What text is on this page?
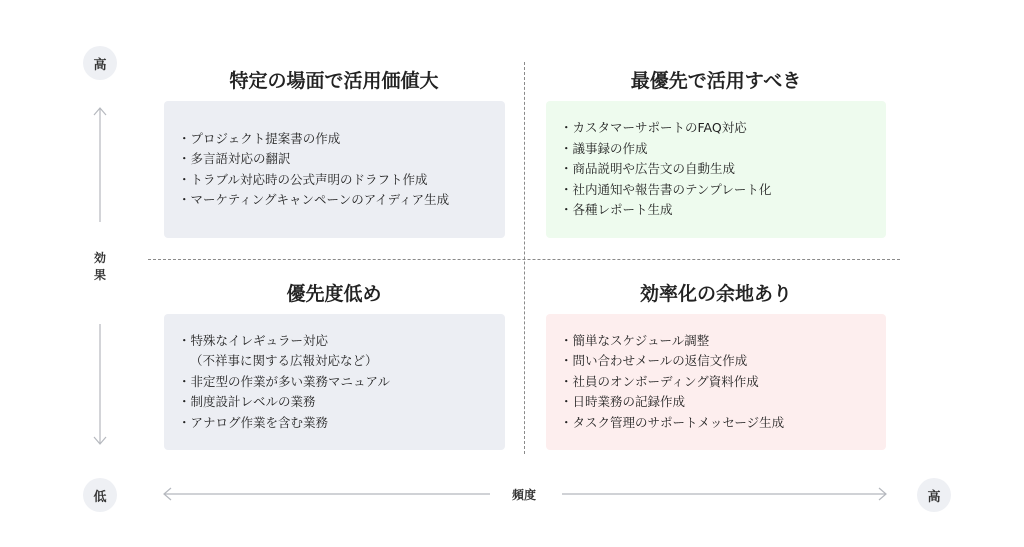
高
低	高
効果
頻度
特定の場面で活用価値大	最優先で活用すべき
優先度低め	効率化の余地あり
・プロジェクト提案書の作成
・多言語対応の翻訳
・トラブル対応時の公式声明のドラフト作成
・マーケティングキャンペーンのアイディア生成
・カスタマーサポートのFAQ対応
・議事録の作成
・商品説明や広告文の自動生成
・社内通知や報告書のテンプレート化
・各種レポート生成
・特殊なイレギュラー対応
（不祥事に関する広報対応など）
・非定型の作業が多い業務マニュアル
・制度設計レベルの業務
・アナログ作業を含む業務
・簡単なスケジュール調整
・問い合わせメールの返信文作成
・社員のオンボーディング資料作成
・日時業務の記録作成
・タスク管理のサポートメッセージ生成
